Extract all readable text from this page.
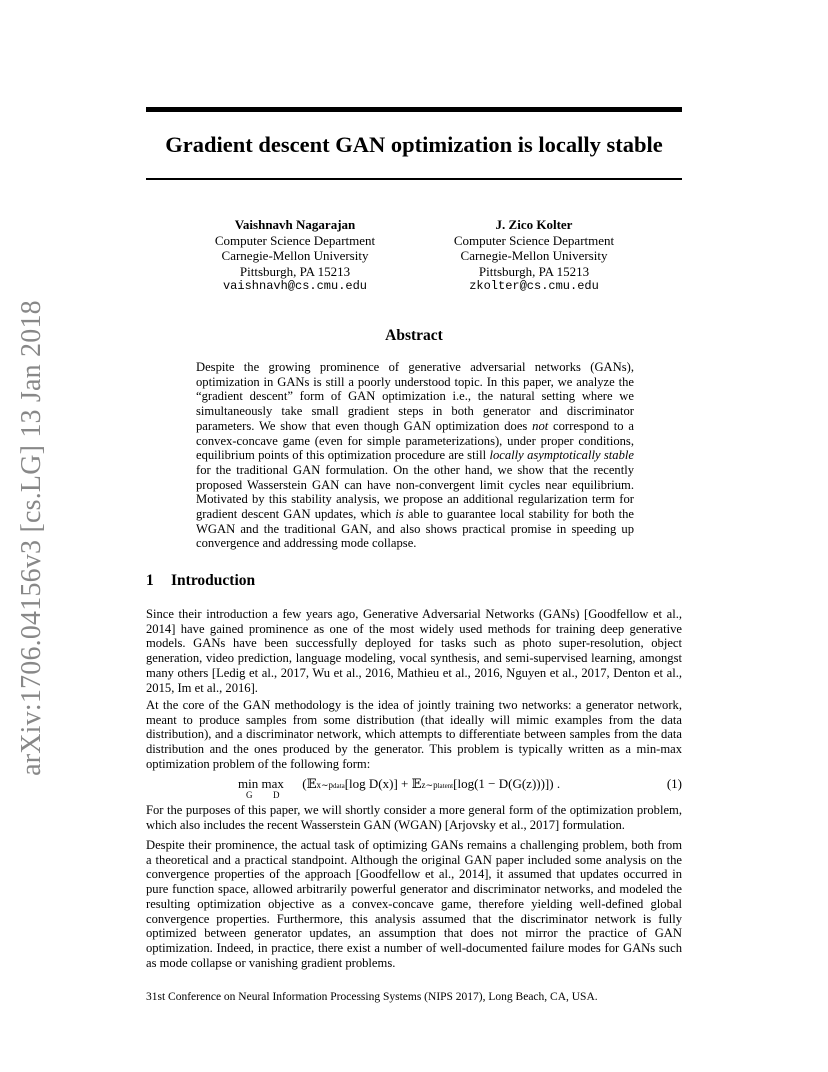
arXiv:1706.04156v3 [cs.LG] 13 Jan 2018
Gradient descent GAN optimization is locally stable
Vaishnavh Nagarajan
Computer Science Department
Carnegie-Mellon University
Pittsburgh, PA 15213
vaishnavh@cs.cmu.edu
J. Zico Kolter
Computer Science Department
Carnegie-Mellon University
Pittsburgh, PA 15213
zkolter@cs.cmu.edu
Abstract
Despite the growing prominence of generative adversarial networks (GANs), optimization in GANs is still a poorly understood topic. In this paper, we analyze the “gradient descent” form of GAN optimization i.e., the natural setting where we simultaneously take small gradient steps in both generator and discriminator parameters. We show that even though GAN optimization does not correspond to a convex-concave game (even for simple parameterizations), under proper conditions, equilibrium points of this optimization procedure are still locally asymptotically stable for the traditional GAN formulation. On the other hand, we show that the recently proposed Wasserstein GAN can have non-convergent limit cycles near equilibrium. Motivated by this stability analysis, we propose an additional regularization term for gradient descent GAN updates, which is able to guarantee local stability for both the WGAN and the traditional GAN, and also shows practical promise in speeding up convergence and addressing mode collapse.
1 Introduction
Since their introduction a few years ago, Generative Adversarial Networks (GANs) [Goodfellow et al., 2014] have gained prominence as one of the most widely used methods for training deep generative models. GANs have been successfully deployed for tasks such as photo super-resolution, object generation, video prediction, language modeling, vocal synthesis, and semi-supervised learning, amongst many others [Ledig et al., 2017, Wu et al., 2016, Mathieu et al., 2016, Nguyen et al., 2017, Denton et al., 2015, Im et al., 2016].
At the core of the GAN methodology is the idea of jointly training two networks: a generator network, meant to produce samples from some distribution (that ideally will mimic examples from the data distribution), and a discriminator network, which attempts to differentiate between samples from the data distribution and the ones produced by the generator. This problem is typically written as a min-max optimization problem of the following form:
min max
G D
(𝔼x∼pdata[log D(x)] + 𝔼z∼platent[log(1 − D(G(z)))]) .	(1)
For the purposes of this paper, we will shortly consider a more general form of the optimization problem, which also includes the recent Wasserstein GAN (WGAN) [Arjovsky et al., 2017] formulation.
Despite their prominence, the actual task of optimizing GANs remains a challenging problem, both from a theoretical and a practical standpoint. Although the original GAN paper included some analysis on the convergence properties of the approach [Goodfellow et al., 2014], it assumed that updates occurred in pure function space, allowed arbitrarily powerful generator and discriminator networks, and modeled the resulting optimization objective as a convex-concave game, therefore yielding well-defined global convergence properties. Furthermore, this analysis assumed that the discriminator network is fully optimized between generator updates, an assumption that does not mirror the practice of GAN optimization. Indeed, in practice, there exist a number of well-documented failure modes for GANs such as mode collapse or vanishing gradient problems.
31st Conference on Neural Information Processing Systems (NIPS 2017), Long Beach, CA, USA.
